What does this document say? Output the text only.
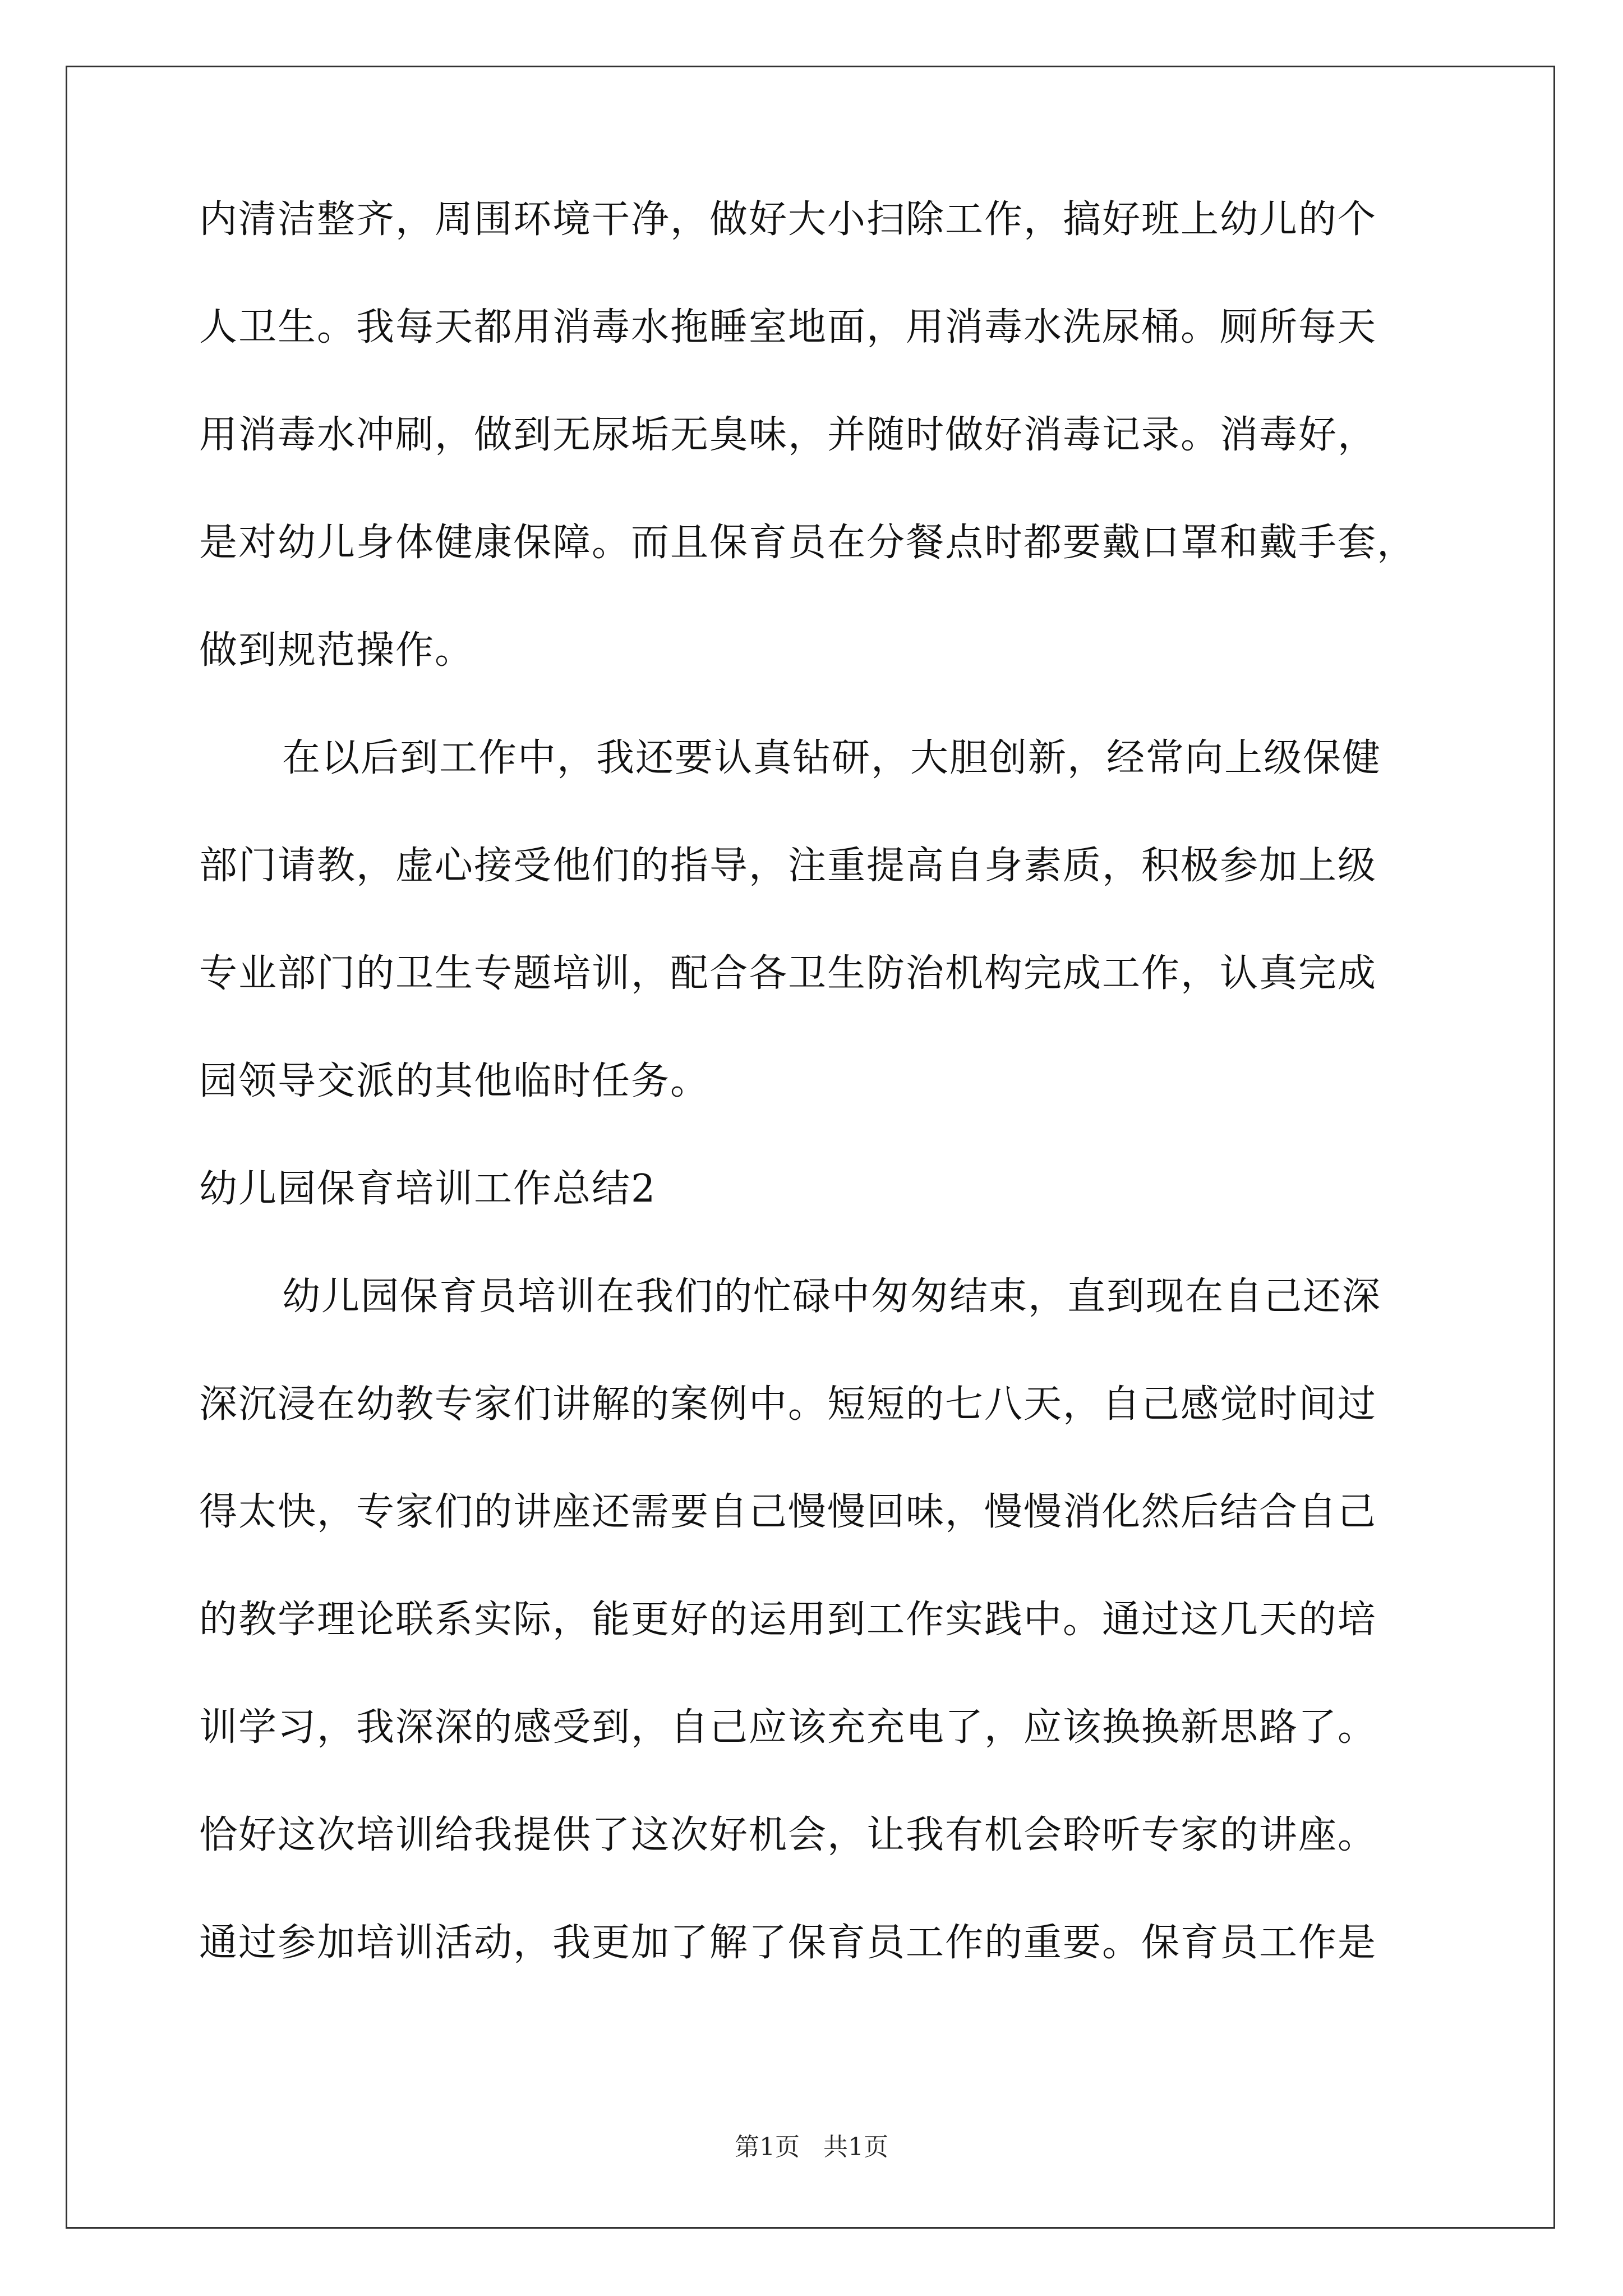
内清洁整齐，周围环境干净，做好大小扫除工作，搞好班上幼儿的个
人卫生。我每天都用消毒水拖睡室地面，用消毒水洗尿桶。厕所每天
用消毒水冲刷，做到无尿垢无臭味，并随时做好消毒记录。消毒好，
是对幼儿身体健康保障。而且保育员在分餐点时都要戴口罩和戴手套，
做到规范操作。
在以后到工作中，我还要认真钻研，大胆创新，经常向上级保健
部门请教，虚心接受他们的指导，注重提高自身素质，积极参加上级
专业部门的卫生专题培训，配合各卫生防治机构完成工作，认真完成
园领导交派的其他临时任务。
幼儿园保育培训工作总结2
幼儿园保育员培训在我们的忙碌中匆匆结束，直到现在自己还深
深沉浸在幼教专家们讲解的案例中。短短的七八天，自己感觉时间过
得太快，专家们的讲座还需要自己慢慢回味，慢慢消化然后结合自己
的教学理论联系实际，能更好的运用到工作实践中。通过这几天的培
训学习，我深深的感受到，自己应该充充电了，应该换换新思路了。
恰好这次培训给我提供了这次好机会，让我有机会聆听专家的讲座。
通过参加培训活动，我更加了解了保育员工作的重要。保育员工作是
第1页 共1页
